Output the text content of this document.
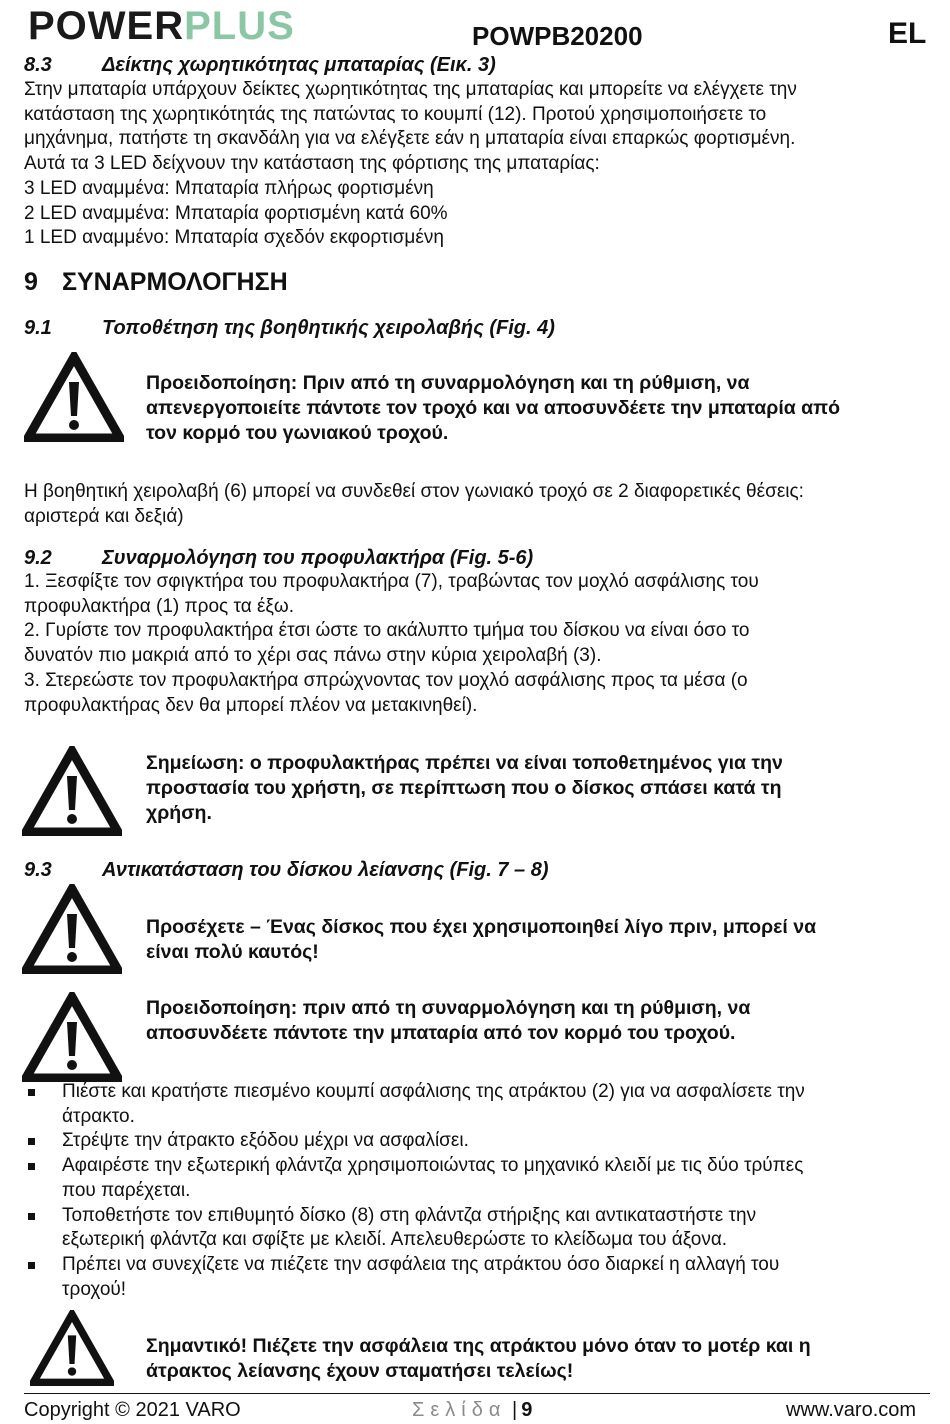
POWERPLUS	POWPB20200	EL
8.3	Δείκτης χωρητικότητας μπαταρίας (Εικ. 3)
Στην μπαταρία υπάρχουν δείκτες χωρητικότητας της μπαταρίας και μπορείτε να ελέγχετε την
κατάσταση της χωρητικότητάς της πατώντας το κουμπί (12). Προτού χρησιμοποιήσετε το
μηχάνημα, πατήστε τη σκανδάλη για να ελέγξετε εάν η μπαταρία είναι επαρκώς φορτισμένη.
Αυτά τα 3 LED δείχνουν την κατάσταση της φόρτισης της μπαταρίας:
3 LED αναμμένα: Μπαταρία πλήρως φορτισμένη
2 LED αναμμένα: Μπαταρία φορτισμένη κατά 60%
1 LED αναμμένο: Μπαταρία σχεδόν εκφορτισμένη
9 ΣΥΝΑΡΜΟΛΟΓΗΣΗ
9.1	Τοποθέτηση της βοηθητικής χειρολαβής (Fig. 4)
Προειδοποίηση: Πριν από τη συναρμολόγηση και τη ρύθμιση, να
απενεργοποιείτε πάντοτε τον τροχό και να αποσυνδέετε την μπαταρία από
τον κορμό του γωνιακού τροχού.
Η βοηθητική χειρολαβή (6) μπορεί να συνδεθεί στον γωνιακό τροχό σε 2 διαφορετικές θέσεις:
αριστερά και δεξιά)
9.2	Συναρμολόγηση του προφυλακτήρα (Fig. 5-6)
1. Ξεσφίξτε τον σφιγκτήρα του προφυλακτήρα (7), τραβώντας τον μοχλό ασφάλισης του
προφυλακτήρα (1) προς τα έξω.
2. Γυρίστε τον προφυλακτήρα έτσι ώστε το ακάλυπτο τμήμα του δίσκου να είναι όσο το
δυνατόν πιο μακριά από το χέρι σας πάνω στην κύρια χειρολαβή (3).
3. Στερεώστε τον προφυλακτήρα σπρώχνοντας τον μοχλό ασφάλισης προς τα μέσα (ο
προφυλακτήρας δεν θα μπορεί πλέον να μετακινηθεί).
Σημείωση: ο προφυλακτήρας πρέπει να είναι τοποθετημένος για την
προστασία του χρήστη, σε περίπτωση που ο δίσκος σπάσει κατά τη
χρήση.
9.3	Αντικατάσταση του δίσκου λείανσης (Fig. 7 – 8)
Προσέχετε – Ένας δίσκος που έχει χρησιμοποιηθεί λίγο πριν, μπορεί να
είναι πολύ καυτός!
Προειδοποίηση: πριν από τη συναρμολόγηση και τη ρύθμιση, να
αποσυνδέετε πάντοτε την μπαταρία από τον κορμό του τροχού.
Πιέστε και κρατήστε πιεσμένο κουμπί ασφάλισης της ατράκτου (2) για να ασφαλίσετε την
άτρακτο.
Στρέψτε την άτρακτο εξόδου μέχρι να ασφαλίσει.
Αφαιρέστε την εξωτερική φλάντζα χρησιμοποιώντας το μηχανικό κλειδί με τις δύο τρύπες
που παρέχεται.
Τοποθετήστε τον επιθυμητό δίσκο (8) στη φλάντζα στήριξης και αντικαταστήστε την
εξωτερική φλάντζα και σφίξτε με κλειδί. Απελευθερώστε το κλείδωμα του άξονα.
Πρέπει να συνεχίζετε να πιέζετε την ασφάλεια της ατράκτου όσο διαρκεί η αλλαγή του
τροχού!
Σημαντικό! Πιέζετε την ασφάλεια της ατράκτου μόνο όταν το μοτέρ και η
άτρακτος λείανσης έχουν σταματήσει τελείως!
Copyright © 2021 VARO	Σελίδα | 9	www.varo.com
